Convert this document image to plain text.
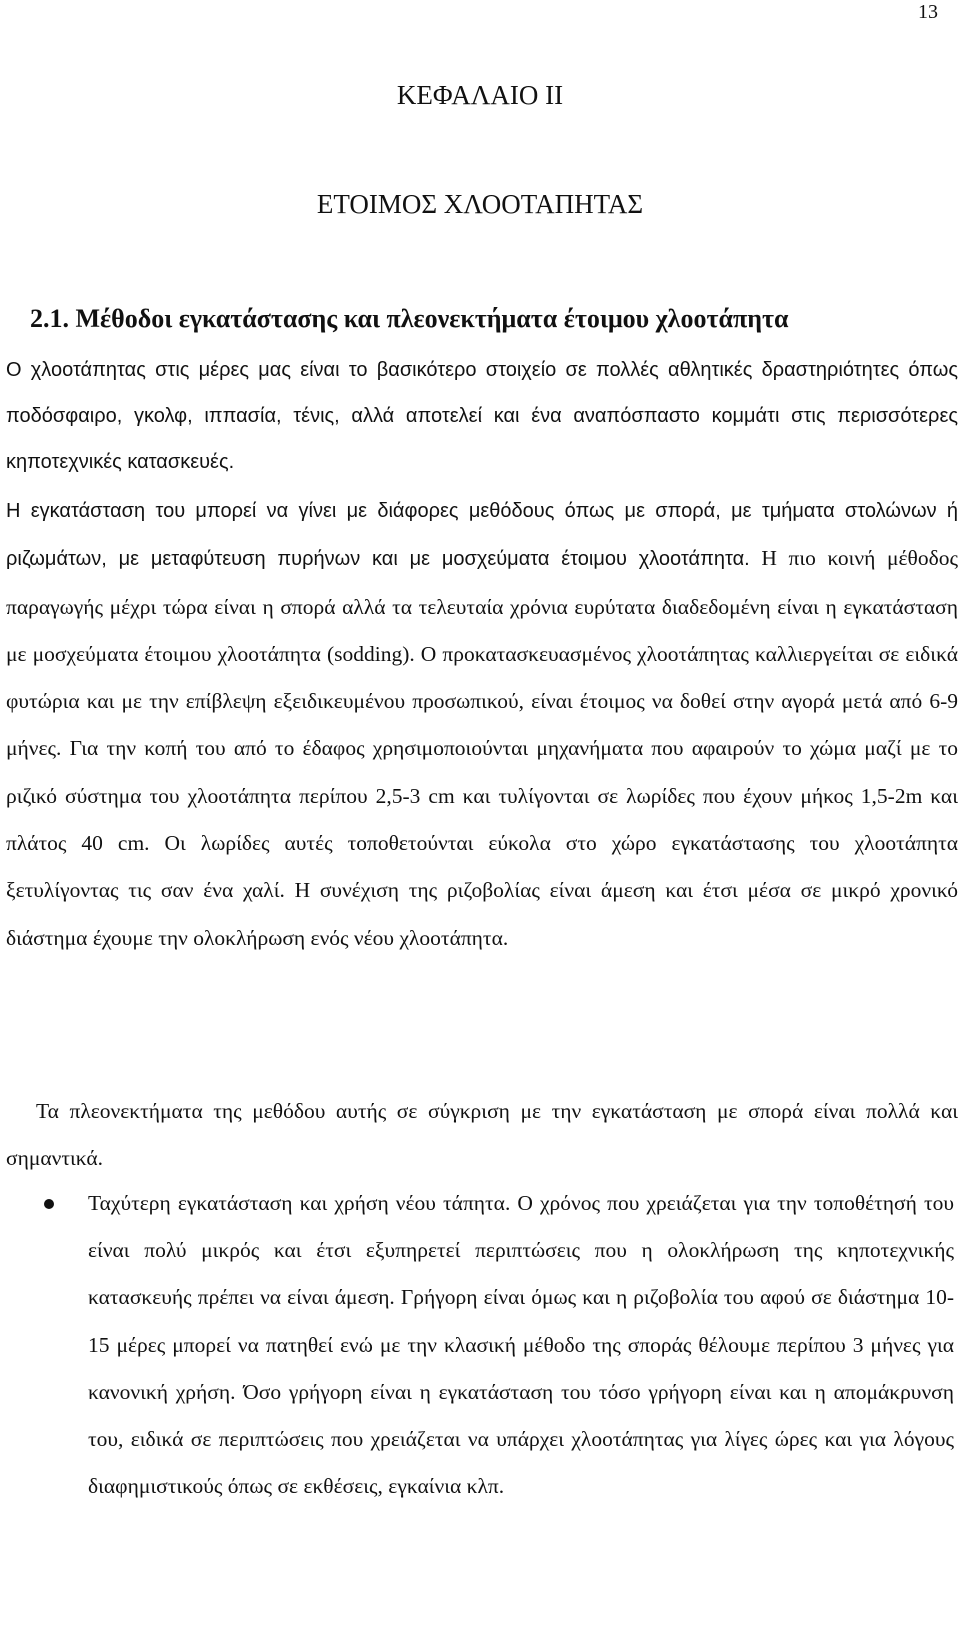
13
ΚΕΦΑΛΑΙΟ ΙΙ
ΕΤΟΙΜΟΣ ΧΛΟΟΤΑΠΗΤΑΣ
2.1. Μέθοδοι εγκατάστασης και πλεονεκτήματα έτοιμου χλοοτάπητα

Ο χλοοτάπητας στις μέρες μας είναι το βασικότερο στοιχείο σε πολλές αθλητικές δραστηριότητες όπως ποδόσφαιρο, γκολφ, ιππασία, τένις, αλλά αποτελεί και ένα αναπόσπαστο κομμάτι στις περισσότερες κηποτεχνικές κατασκευές.

Η εγκατάσταση του μπορεί να γίνει με διάφορες μεθόδους όπως με σπορά, με τμήματα στολώνων ή ριζωμάτων, με μεταφύτευση πυρήνων και με μοσχεύματα έτοιμου χλοοτάπητα. Η πιο κοινή μέθοδος παραγωγής μέχρι τώρα είναι η σπορά αλλά τα τελευταία χρόνια ευρύτατα διαδεδομένη είναι η εγκατάσταση με μοσχεύματα έτοιμου χλοοτάπητα (sodding). Ο προκατασκευασμένος χλοοτάπητας καλλιεργείται σε ειδικά φυτώρια και με την επίβλεψη εξειδικευμένου προσωπικού, είναι έτοιμος να δοθεί στην αγορά μετά από 6-9 μήνες. Για την κοπή του από το έδαφος χρησιμοποιούνται μηχανήματα που αφαιρούν το χώμα μαζί με το ριζικό σύστημα του χλοοτάπητα περίπου 2,5-3 cm και τυλίγονται σε λωρίδες που έχουν μήκος 1,5-2m και πλάτος 40 cm. Οι λωρίδες αυτές τοποθετούνται εύκολα στο χώρο εγκατάστασης του χλοοτάπητα ξετυλίγοντας τις σαν ένα χαλί. Η συνέχιση της ριζοβολίας είναι άμεση και έτσι μέσα σε μικρό χρονικό διάστημα έχουμε την ολοκλήρωση ενός νέου χλοοτάπητα.

Τα πλεονεκτήματα της μεθόδου αυτής σε σύγκριση με την εγκατάσταση με σπορά είναι πολλά και σημαντικά.

Ταχύτερη εγκατάσταση και χρήση νέου τάπητα. Ο χρόνος που χρειάζεται για την τοποθέτησή του είναι πολύ μικρός και έτσι εξυπηρετεί περιπτώσεις που η ολοκλήρωση της κηποτεχνικής κατασκευής πρέπει να είναι άμεση. Γρήγορη είναι όμως και η ριζοβολία του αφού σε διάστημα 10-15 μέρες μπορεί να πατηθεί ενώ με την κλασική μέθοδο της σποράς θέλουμε περίπου 3 μήνες για κανονική χρήση. Όσο γρήγορη είναι η εγκατάσταση του τόσο γρήγορη είναι και η απομάκρυνση του, ειδικά σε περιπτώσεις που χρειάζεται να υπάρχει χλοοτάπητας για λίγες ώρες και για λόγους διαφημιστικούς όπως σε εκθέσεις, εγκαίνια κλπ.
